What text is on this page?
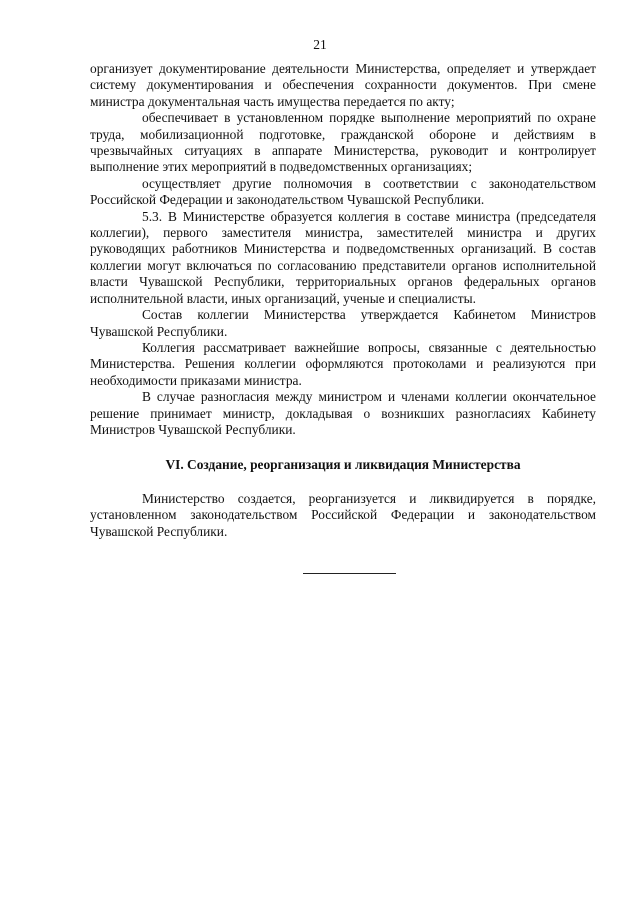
21

организует документирование деятельности Министерства, определяет и утверждает систему документирования и обеспечения сохранности документов. При смене министра документальная часть имущества передается по акту;

обеспечивает в установленном порядке выполнение мероприятий по охране труда, мобилизационной подготовке, гражданской обороне и действиям в чрезвычайных ситуациях в аппарате Министерства, руководит и контролирует выполнение этих мероприятий в подведомственных организациях;

осуществляет другие полномочия в соответствии с законодательством Российской Федерации и законодательством Чувашской Республики.

5.3. В Министерстве образуется коллегия в составе министра (председателя коллегии), первого заместителя министра, заместителей министра и других руководящих работников Министерства и подведомственных организаций. В состав коллегии могут включаться по согласованию представители органов исполнительной власти Чувашской Республики, территориальных органов федеральных органов исполнительной власти, иных организаций, ученые и специалисты.

Состав коллегии Министерства утверждается Кабинетом Министров Чувашской Республики.

Коллегия рассматривает важнейшие вопросы, связанные с деятельностью Министерства. Решения коллегии оформляются протоколами и реализуются при необходимости приказами министра.

В случае разногласия между министром и членами коллегии окончательное решение принимает министр, докладывая о возникших разногласиях Кабинету Министров Чувашской Республики.

VI. Создание, реорганизация и ликвидация Министерства

Министерство создается, реорганизуется и ликвидируется в порядке, установленном законодательством Российской Федерации и законодательством Чувашской Республики.
